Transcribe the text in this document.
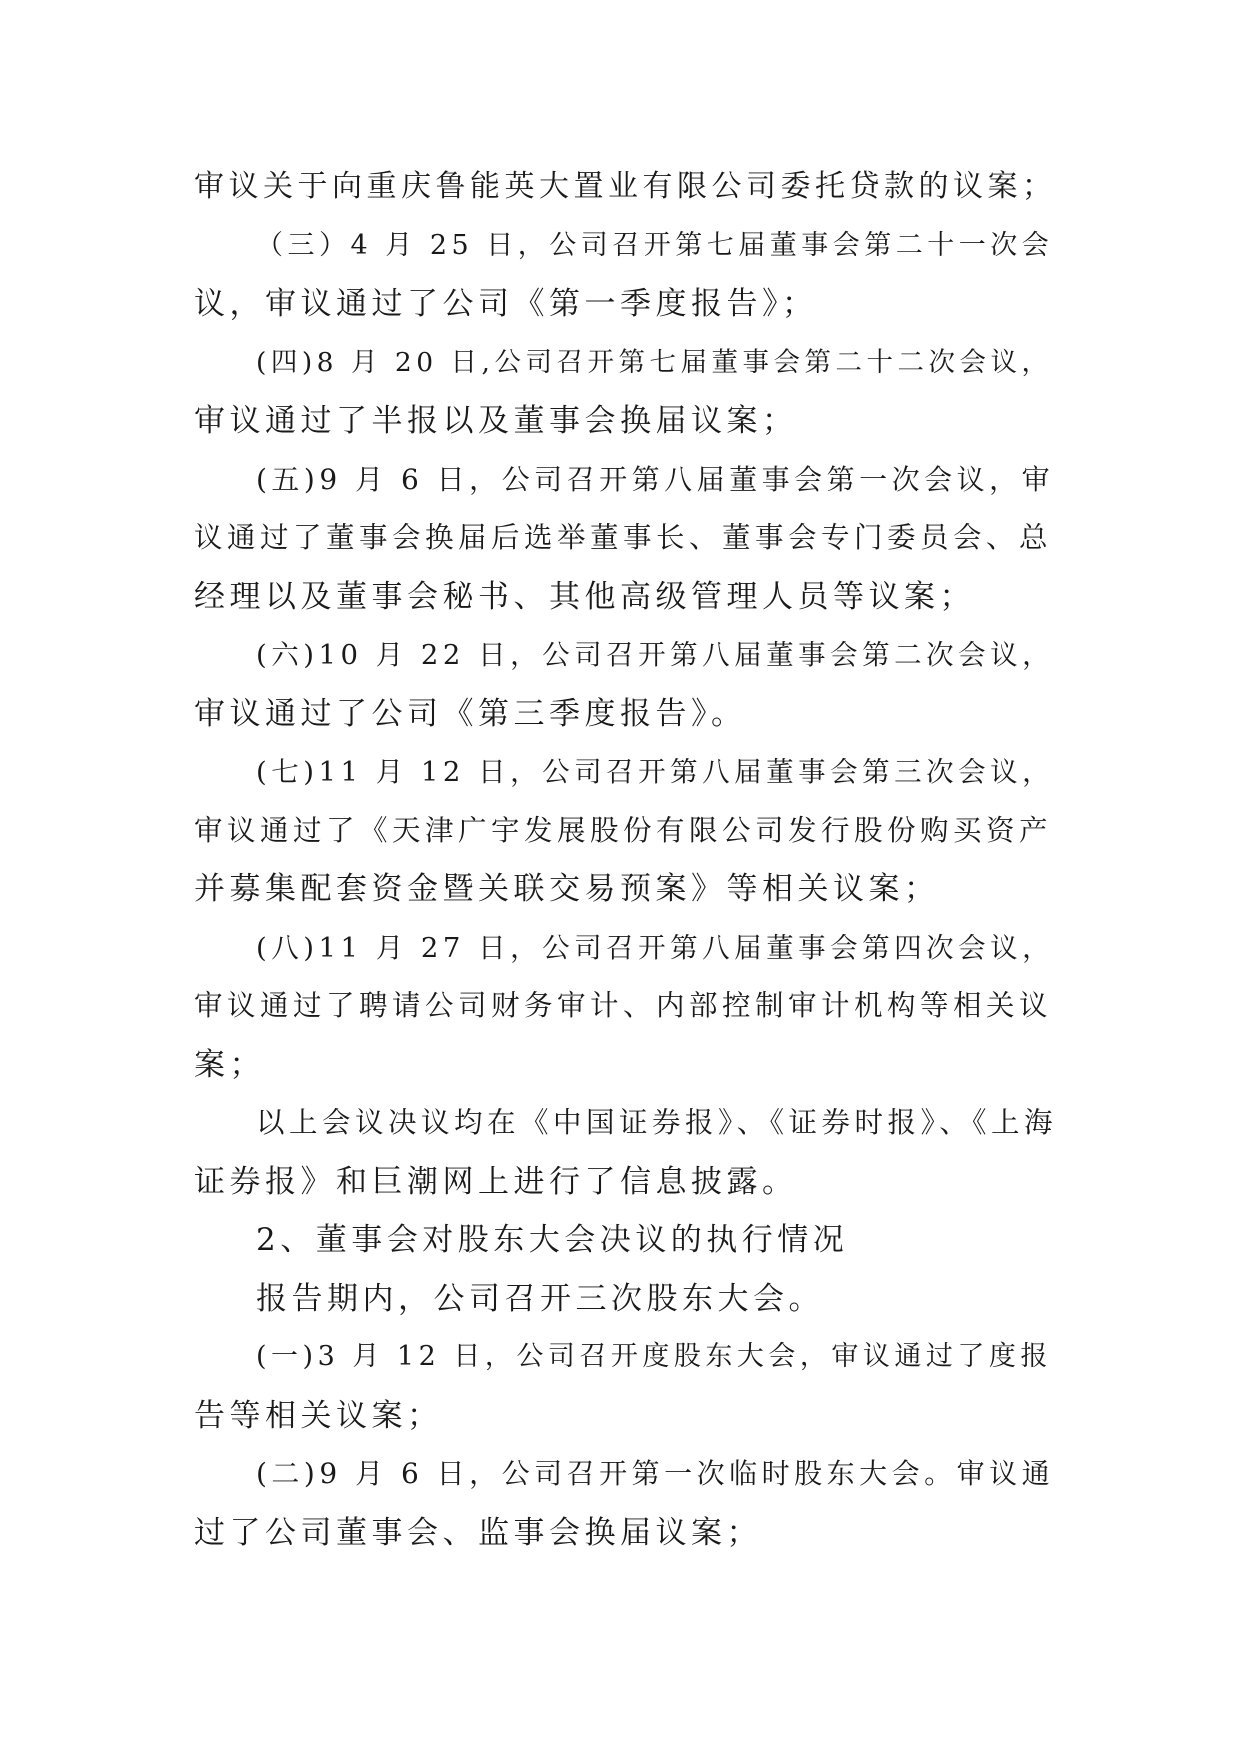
审议关于向重庆鲁能英大置业有限公司委托贷款的议案；
（三）4 月 25 日，公司召开第七届董事会第二十一次会
议，审议通过了公司《第一季度报告》；
(四)8 月 20 日,公司召开第七届董事会第二十二次会议，
审议通过了半报以及董事会换届议案；
(五)9 月 6 日，公司召开第八届董事会第一次会议，审
议通过了董事会换届后选举董事长、董事会专门委员会、总
经理以及董事会秘书、其他高级管理人员等议案；
(六)10 月 22 日，公司召开第八届董事会第二次会议，
审议通过了公司《第三季度报告》。
(七)11 月 12 日，公司召开第八届董事会第三次会议，
审议通过了《天津广宇发展股份有限公司发行股份购买资产
并募集配套资金暨关联交易预案》等相关议案；
(八)11 月 27 日，公司召开第八届董事会第四次会议，
审议通过了聘请公司财务审计、内部控制审计机构等相关议
案；
以上会议决议均在《中国证券报》、《证券时报》、《上海
证券报》和巨潮网上进行了信息披露。
2、董事会对股东大会决议的执行情况
报告期内，公司召开三次股东大会。
(一)3 月 12 日，公司召开度股东大会，审议通过了度报
告等相关议案；
(二)9 月 6 日，公司召开第一次临时股东大会。审议通
过了公司董事会、监事会换届议案；
